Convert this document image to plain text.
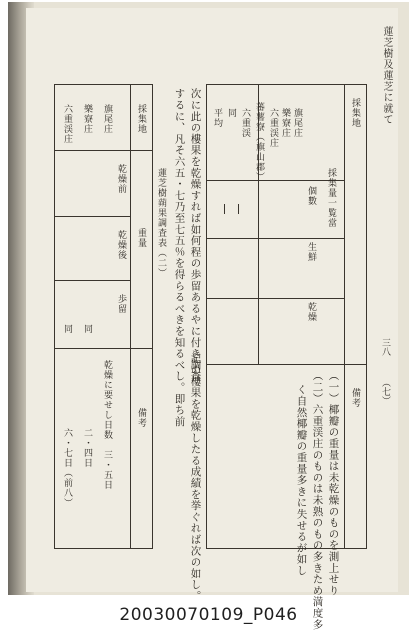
蓮芝樹及蓮芝に就て
三八
（七）
採集地
採集量一覧當
個數
生鮮
乾燥
備考
旗尾庄
樂寮庄
六重渓庄
蕃薯寮（旗山郡）
六重渓
同
平均
（一）椰瓣の重量は未乾燥のものを測上せり
（二）六重渓庄のものは未熟のもの多きため満度多
く自然椰瓣の重量多きに失せるが如し
次に此の樓果を乾燥すれば如何程の歩留あるやに付き調査
するに、凡そ六五・七乃至七五％を得らるべきを知るべし。即ち前
記の樓果を乾燥したる成績を挙ぐれば次の如し。
蓮芝樹蒴果調査表（二）
採集地
重量
備考
乾燥前
乾燥後
歩留
旗尾庄
樂寮庄
六重渓庄
同
同
乾燥に要せし日数　三・五日
二・四日
六・七日（前八）
20030070109_P046
